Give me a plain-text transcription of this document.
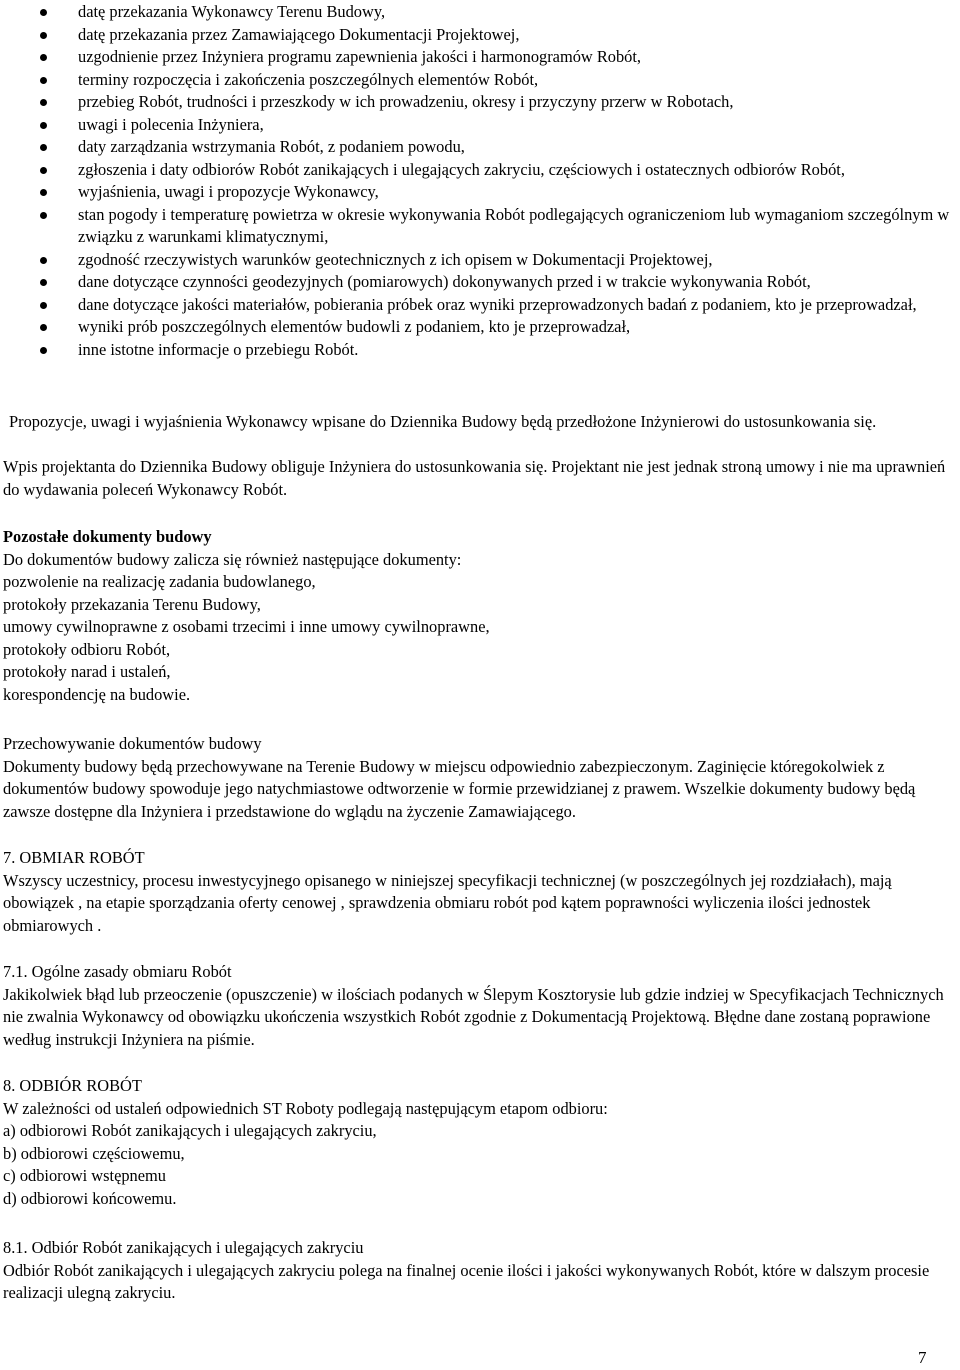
datę przekazania Wykonawcy Terenu Budowy,
datę przekazania przez Zamawiającego Dokumentacji Projektowej,
uzgodnienie przez Inżyniera programu zapewnienia jakości i harmonogramów Robót,
terminy rozpoczęcia i zakończenia poszczególnych elementów Robót,
przebieg Robót, trudności i przeszkody w ich prowadzeniu, okresy i przyczyny przerw w Robotach,
uwagi i polecenia Inżyniera,
daty zarządzania wstrzymania Robót, z podaniem powodu,
zgłoszenia i daty odbiorów Robót zanikających i ulegających zakryciu, częściowych i ostatecznych odbiorów Robót,
wyjaśnienia, uwagi i propozycje Wykonawcy,
stan pogody i temperaturę powietrza w okresie wykonywania Robót podlegających ograniczeniom lub wymaganiom szczególnym w związku z warunkami klimatycznymi,
zgodność rzeczywistych warunków geotechnicznych z ich opisem w Dokumentacji Projektowej,
dane dotyczące czynności geodezyjnych (pomiarowych) dokonywanych przed i w trakcie wykonywania Robót,
dane dotyczące jakości materiałów, pobierania próbek oraz wyniki przeprowadzonych badań z podaniem, kto je przeprowadzał,
wyniki prób poszczególnych elementów budowli z podaniem, kto je przeprowadzał,
inne istotne informacje o przebiegu Robót.

Propozycje, uwagi i wyjaśnienia Wykonawcy wpisane do Dziennika Budowy będą przedłożone Inżynierowi do ustosunkowania się.

Wpis projektanta do Dziennika Budowy obliguje Inżyniera do ustosunkowania się. Projektant nie jest jednak stroną umowy i nie ma uprawnień do wydawania poleceń Wykonawcy Robót.

Pozostałe dokumenty budowy

Do dokumentów budowy zalicza się również następujące dokumenty:

pozwolenie na realizację zadania budowlanego,

protokoły przekazania Terenu Budowy,

umowy cywilnoprawne z osobami trzecimi i inne umowy cywilnoprawne,

protokoły odbioru Robót,

protokoły narad i ustaleń,

korespondencję na budowie.

Przechowywanie dokumentów budowy

Dokumenty budowy będą przechowywane na Terenie Budowy w miejscu odpowiednio zabezpieczonym. Zaginięcie któregokolwiek z dokumentów budowy spowoduje jego natychmiastowe odtworzenie w formie przewidzianej z prawem. Wszelkie dokumenty budowy będą zawsze dostępne dla Inżyniera i przedstawione do wglądu na życzenie Zamawiającego.

7. OBMIAR ROBÓT

Wszyscy uczestnicy, procesu inwestycyjnego opisanego w niniejszej specyfikacji technicznej (w poszczególnych jej rozdziałach), mają obowiązek , na etapie sporządzania oferty cenowej , sprawdzenia obmiaru robót pod kątem poprawności wyliczenia ilości jednostek obmiarowych .

7.1. Ogólne zasady obmiaru Robót

Jakikolwiek błąd lub przeoczenie (opuszczenie) w ilościach podanych w Ślepym Kosztorysie lub gdzie indziej w Specyfikacjach Technicznych nie zwalnia Wykonawcy od obowiązku ukończenia wszystkich Robót zgodnie z Dokumentacją Projektową. Błędne dane zostaną poprawione według instrukcji Inżyniera na piśmie.

8. ODBIÓR ROBÓT

W zależności od ustaleń odpowiednich ST Roboty podlegają następującym etapom odbioru:

a) odbiorowi Robót zanikających i ulegających zakryciu,

b) odbiorowi częściowemu,

c) odbiorowi wstępnemu

d) odbiorowi końcowemu.

8.1. Odbiór Robót zanikających i ulegających zakryciu

Odbiór Robót zanikających i ulegających zakryciu polega na finalnej ocenie ilości i jakości wykonywanych Robót, które w dalszym procesie realizacji ulegną zakryciu.

7
